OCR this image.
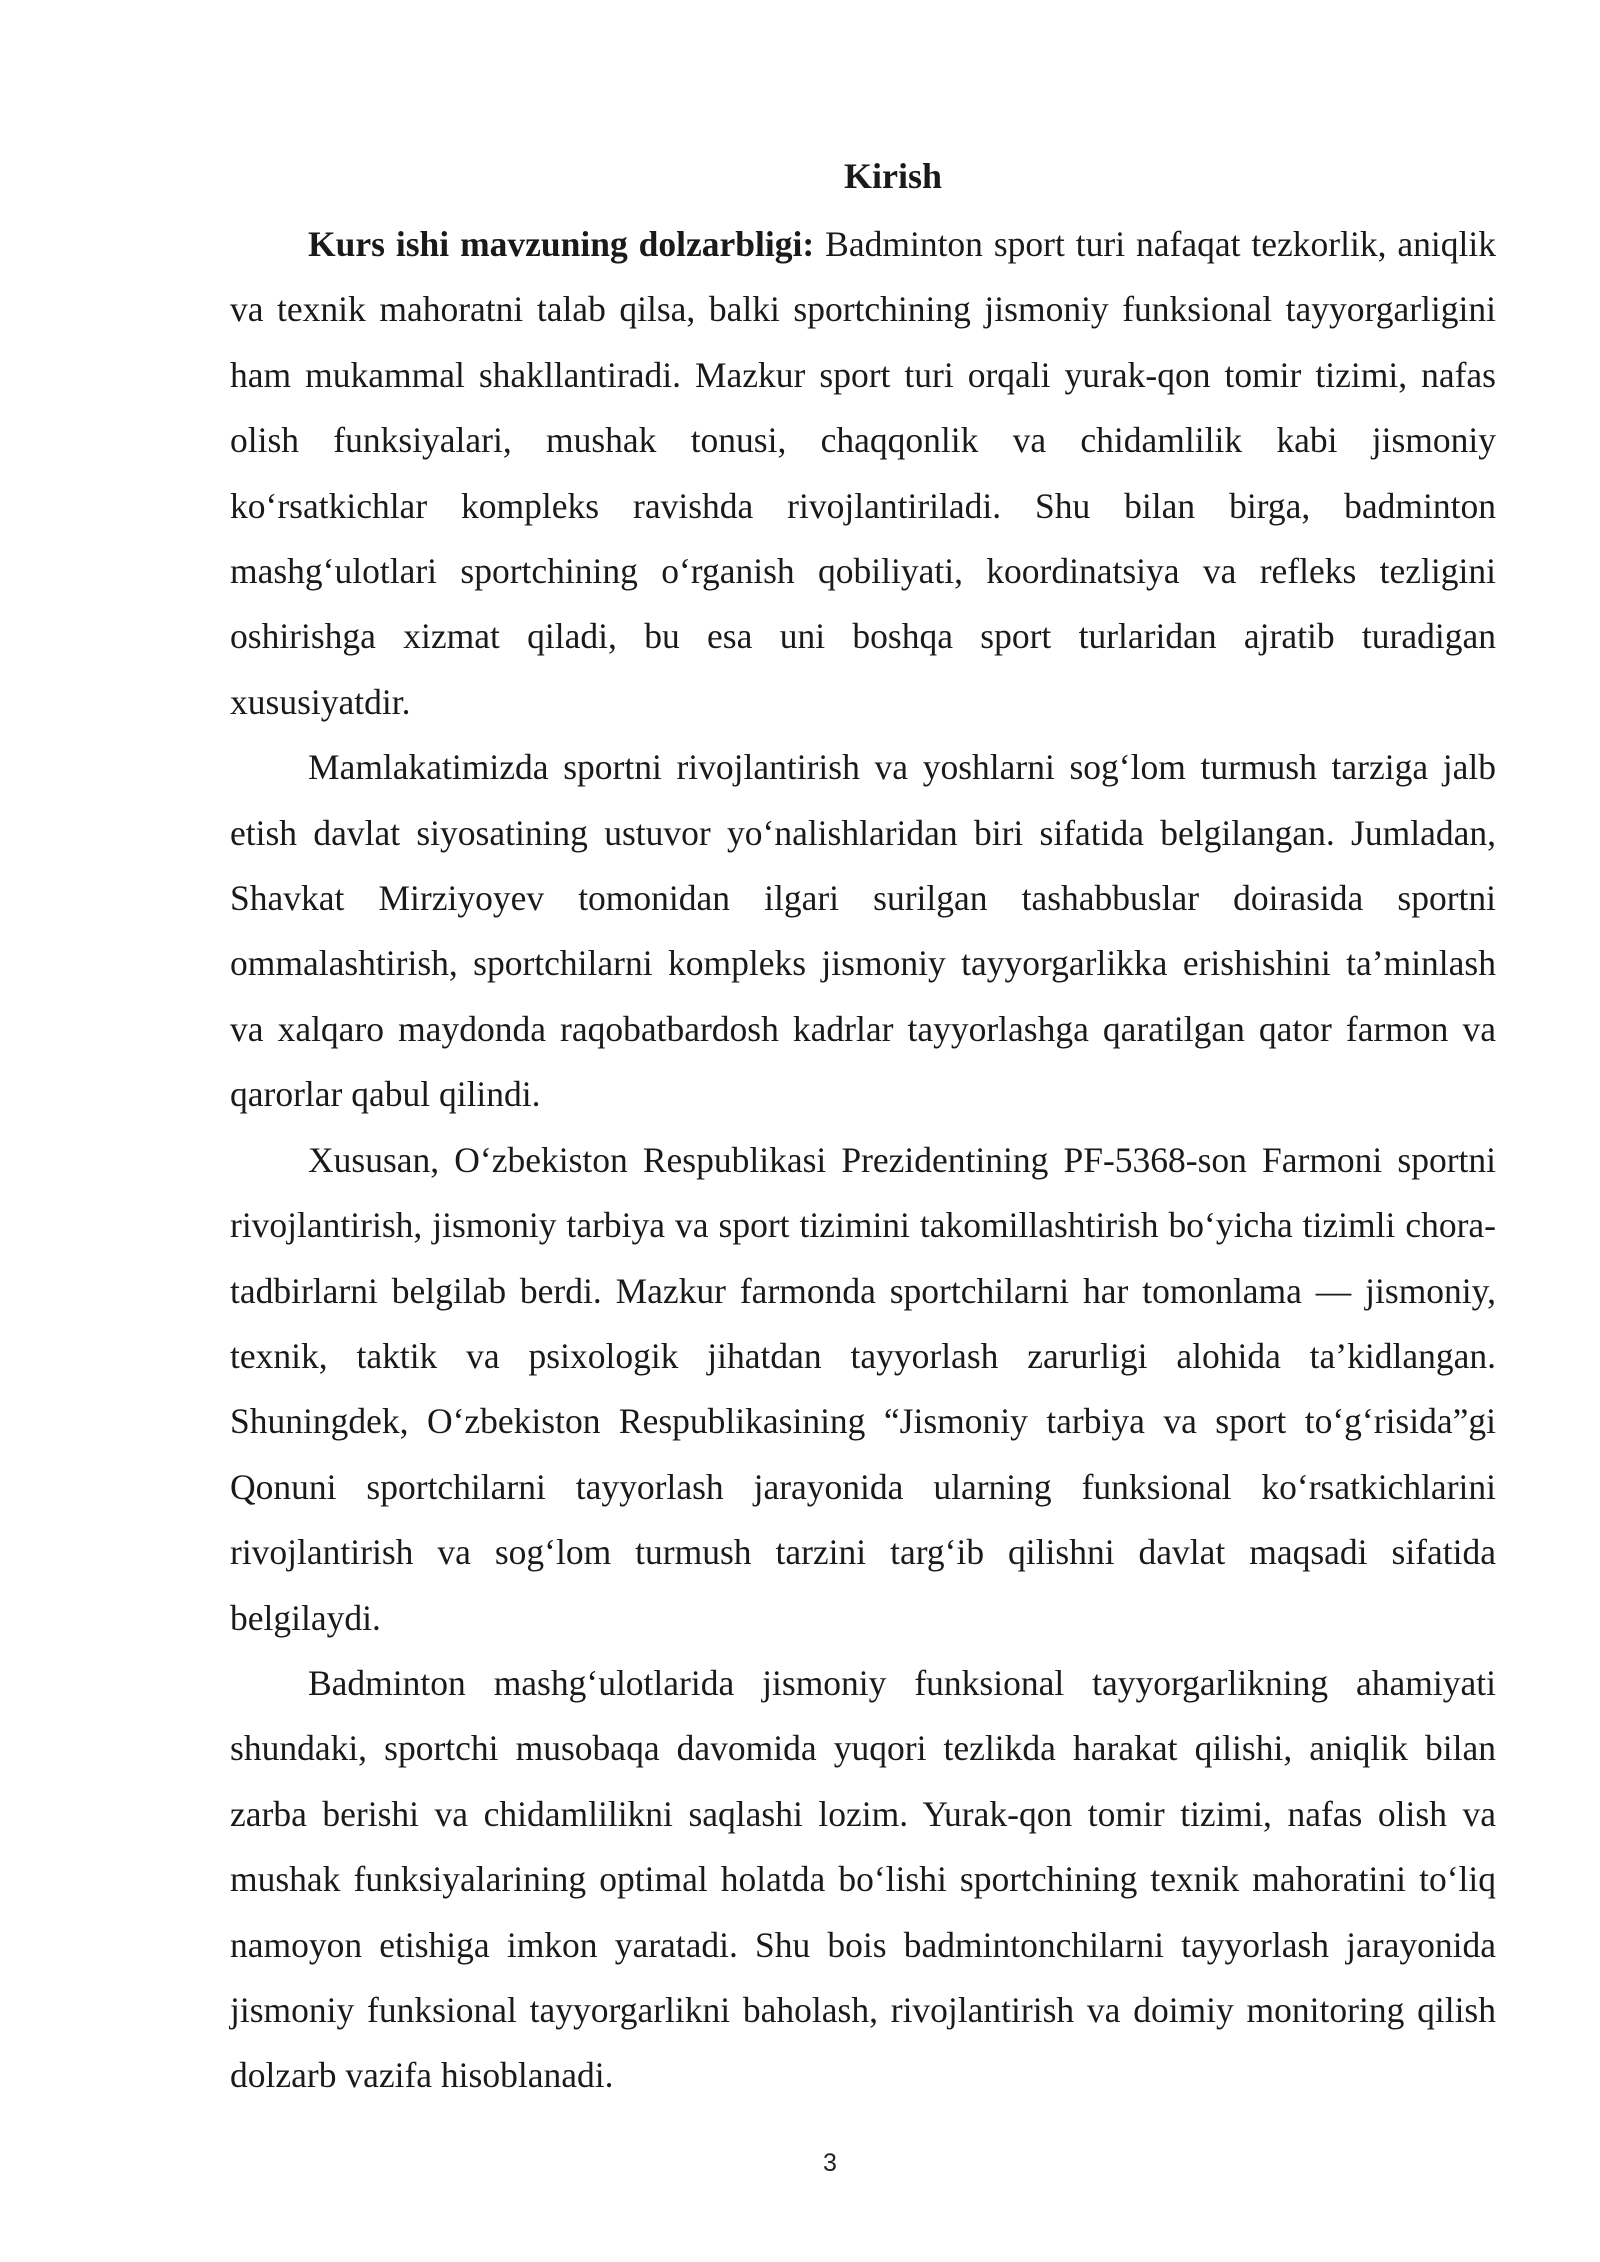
Kirish

Kurs ishi mavzuning dolzarbligi: Badminton sport turi nafaqat tezkorlik, aniqlik va texnik mahoratni talab qilsa, balki sportchining jismoniy funksional tayyorgarligini ham mukammal shakllantiradi. Mazkur sport turi orqali yurak-qon tomir tizimi, nafas olish funksiyalari, mushak tonusi, chaqqonlik va chidamlilik kabi jismoniy koʻrsatkichlar kompleks ravishda rivojlantiriladi. Shu bilan birga, badminton mashgʻulotlari sportchining oʻrganish qobiliyati, koordinatsiya va refleks tezligini oshirishga xizmat qiladi, bu esa uni boshqa sport turlaridan ajratib turadigan xususiyatdir.

Mamlakatimizda sportni rivojlantirish va yoshlarni sogʻlom turmush tarziga jalb etish davlat siyosatining ustuvor yoʻnalishlaridan biri sifatida belgilangan. Jumladan, Shavkat Mirziyoyev tomonidan ilgari surilgan tashabbuslar doirasida sportni ommalashtirish, sportchilarni kompleks jismoniy tayyorgarlikka erishishini ta’minlash va xalqaro maydonda raqobatbardosh kadrlar tayyorlashga qaratilgan qator farmon va qarorlar qabul qilindi.

Xususan, Oʻzbekiston Respublikasi Prezidentining PF-5368-son Farmoni sportni rivojlantirish, jismoniy tarbiya va sport tizimini takomillashtirish boʻyicha tizimli chora-tadbirlarni belgilab berdi. Mazkur farmonda sportchilarni har tomonlama — jismoniy, texnik, taktik va psixologik jihatdan tayyorlash zarurligi alohida ta’kidlangan. Shuningdek, Oʻzbekiston Respublikasining “Jismoniy tarbiya va sport toʻgʻrisida”gi Qonuni sportchilarni tayyorlash jarayonida ularning funksional koʻrsatkichlarini rivojlantirish va sogʻlom turmush tarzini targʻib qilishni davlat maqsadi sifatida belgilaydi.

Badminton mashgʻulotlarida jismoniy funksional tayyorgarlikning ahamiyati shundaki, sportchi musobaqa davomida yuqori tezlikda harakat qilishi, aniqlik bilan zarba berishi va chidamlilikni saqlashi lozim. Yurak-qon tomir tizimi, nafas olish va mushak funksiyalarining optimal holatda boʻlishi sportchining texnik mahoratini toʻliq namoyon etishiga imkon yaratadi. Shu bois badmintonchilarni tayyorlash jarayonida jismoniy funksional tayyorgarlikni baholash, rivojlantirish va doimiy monitoring qilish dolzarb vazifa hisoblanadi.

3
